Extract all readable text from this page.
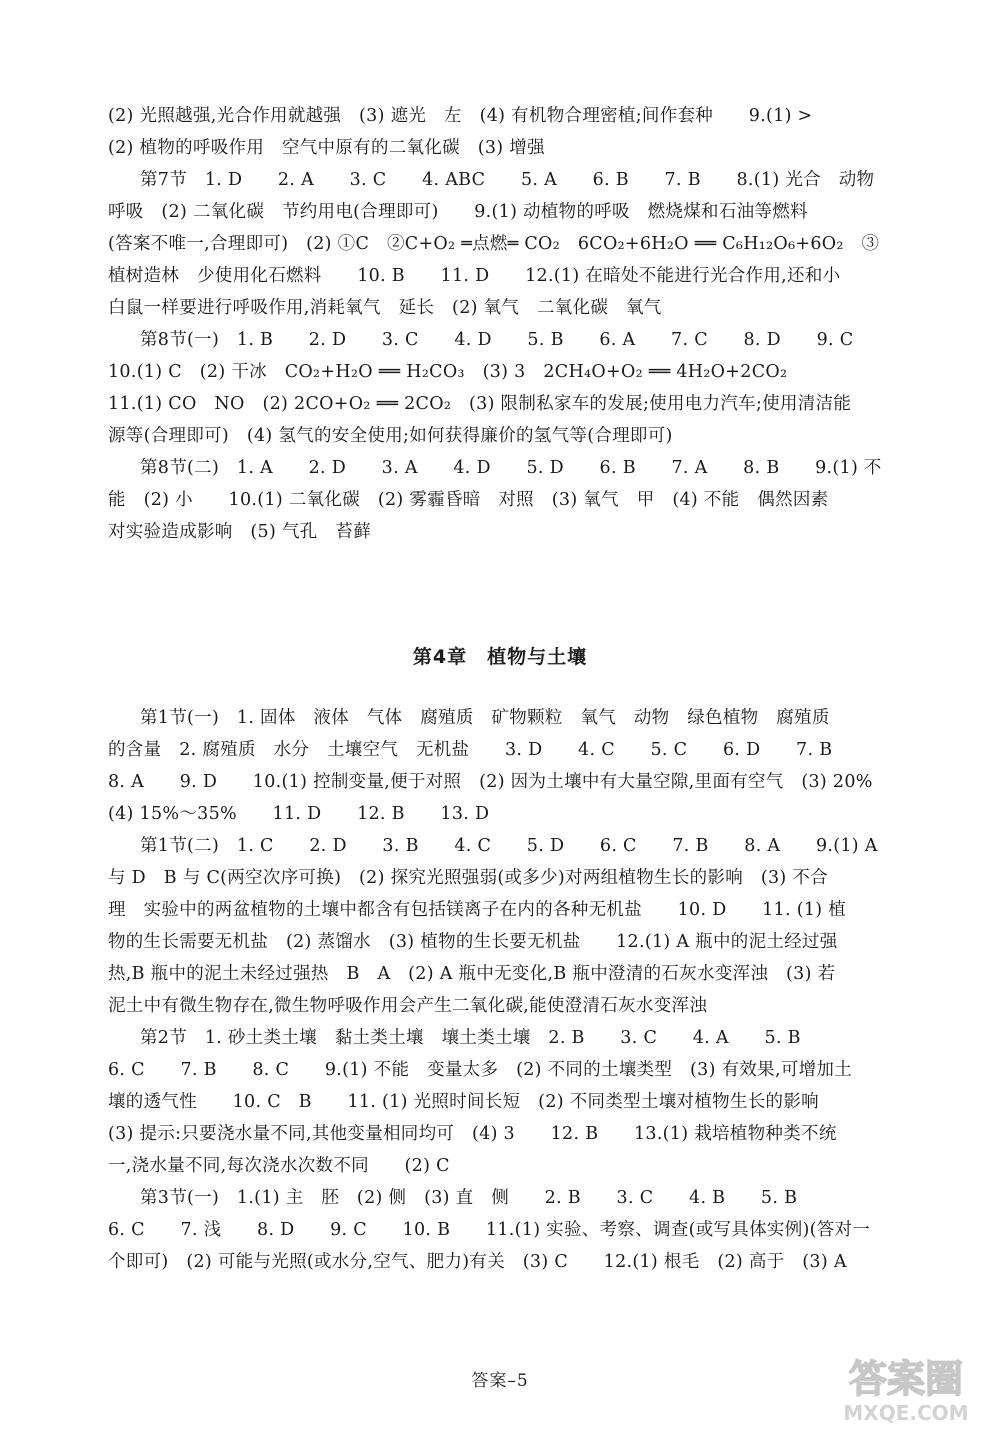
(2) 光照越强,光合作用就越强　(3) 遮光　左　(4) 有机物合理密植;间作套种　　9.(1) >
(2) 植物的呼吸作用　空气中原有的二氧化碳　(3) 增强
第7节　1. D　　2. A　　3. C　　4. ABC　　5. A　　6. B　　7. B　　8.(1) 光合　动物
呼吸　(2) 二氧化碳　节约用电(合理即可)　　9.(1) 动植物的呼吸　燃烧煤和石油等燃料
(答案不唯一,合理即可)　(2) ①C　②C+O₂ ═点燃═ CO₂　6CO₂+6H₂O ══ C₆H₁₂O₆+6O₂　③
植树造林　少使用化石燃料　　10. B　　11. D　　12.(1) 在暗处不能进行光合作用,还和小
白鼠一样要进行呼吸作用,消耗氧气　延长　(2) 氧气　二氧化碳　氧气
第8节(一)　1. B　　2. D　　3. C　　4. D　　5. B　　6. A　　7. C　　8. D　　9. C
10.(1) C　(2) 干冰　CO₂+H₂O ══ H₂CO₃　(3) 3　2CH₄O+O₂ ══ 4H₂O+2CO₂
11.(1) CO　NO　(2) 2CO+O₂ ══ 2CO₂　(3) 限制私家车的发展;使用电力汽车;使用清洁能
源等(合理即可)　(4) 氢气的安全使用;如何获得廉价的氢气等(合理即可)
第8节(二)　1. A　　2. D　　3. A　　4. D　　5. D　　6. B　　7. A　　8. B　　9.(1) 不
能　(2) 小　　10.(1) 二氧化碳　(2) 雾霾昏暗　对照　(3) 氧气　甲　(4) 不能　偶然因素
对实验造成影响　(5) 气孔　苔藓
第4章　植物与土壤
第1节(一)　1. 固体　液体　气体　腐殖质　矿物颗粒　氧气　动物　绿色植物　腐殖质
的含量　2. 腐殖质　水分　土壤空气　无机盐　　3. D　　4. C　　5. C　　6. D　　7. B
8. A　　9. D　　10.(1) 控制变量,便于对照　(2) 因为土壤中有大量空隙,里面有空气　(3) 20%
(4) 15%～35%　　11. D　　12. B　　13. D
第1节(二)　1. C　　2. D　　3. B　　4. C　　5. D　　6. C　　7. B　　8. A　　9.(1) A
与 D　B 与 C(两空次序可换)　(2) 探究光照强弱(或多少)对两组植物生长的影响　(3) 不合
理　实验中的两盆植物的土壤中都含有包括镁离子在内的各种无机盐　　10. D　　11. (1) 植
物的生长需要无机盐　(2) 蒸馏水　(3) 植物的生长要无机盐　　12.(1) A 瓶中的泥土经过强
热,B 瓶中的泥土未经过强热　B　A　(2) A 瓶中无变化,B 瓶中澄清的石灰水变浑浊　(3) 若
泥土中有微生物存在,微生物呼吸作用会产生二氧化碳,能使澄清石灰水变浑浊
第2节　1. 砂土类土壤　黏土类土壤　壤土类土壤　2. B　　3. C　　4. A　　5. B
6. C　　7. B　　8. C　　9.(1) 不能　变量太多　(2) 不同的土壤类型　(3) 有效果,可增加土
壤的透气性　　10. C　B　　11. (1) 光照时间长短　(2) 不同类型土壤对植物生长的影响
(3) 提示:只要浇水量不同,其他变量相同均可　(4) 3　　12. B　　13.(1) 栽培植物种类不统
一,浇水量不同,每次浇水次数不同　　(2) C
第3节(一)　1.(1) 主　胚　(2) 侧　(3) 直　侧　　2. B　　3. C　　4. B　　5. B
6. C　　7. 浅　　8. D　　9. C　　10. B　　11.(1) 实验、考察、调查(或写具体实例)(答对一
个即可)　(2) 可能与光照(或水分,空气、肥力)有关　(3) C　　12.(1) 根毛　(2) 高于　(3) A
答案–5	答案圈
MXQE.COM
